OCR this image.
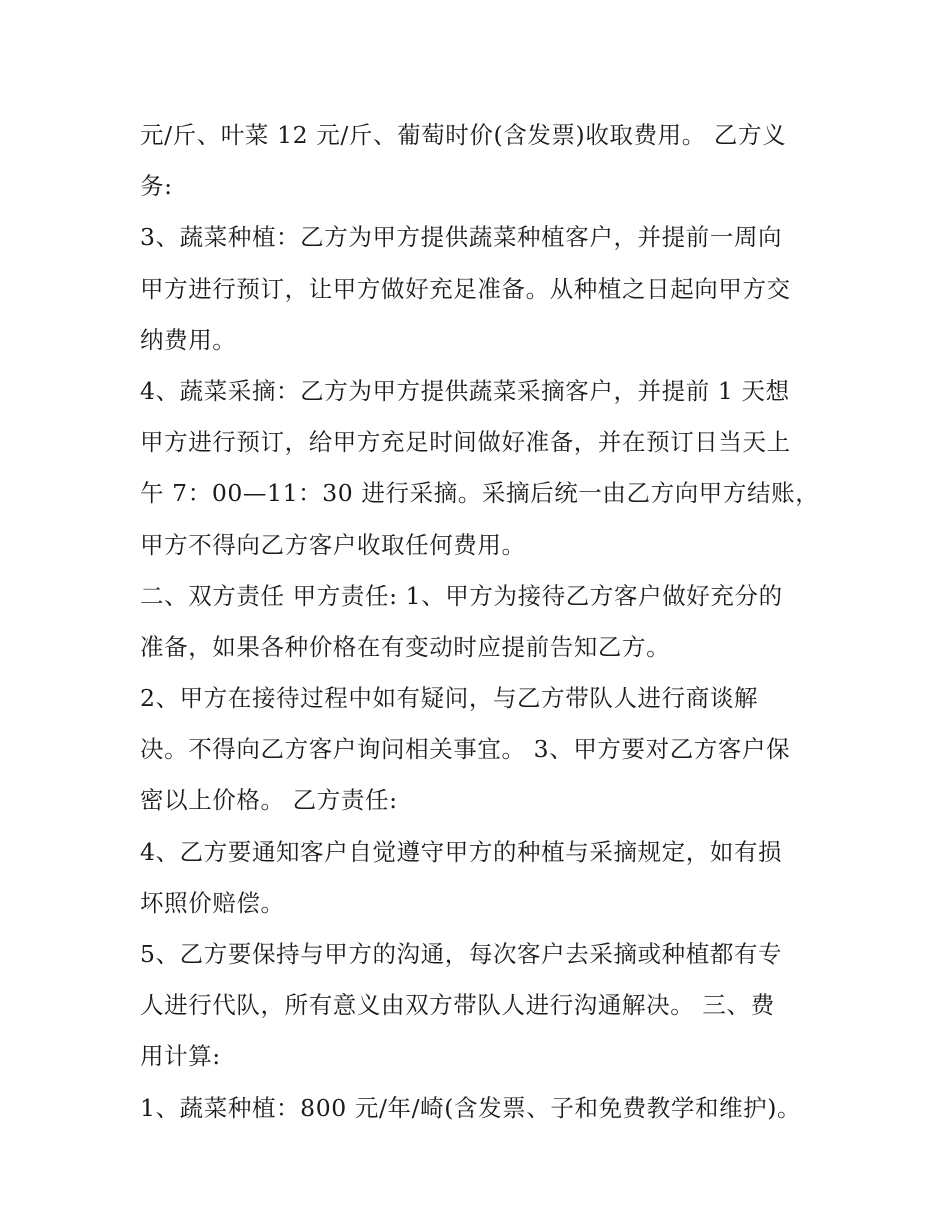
元/斤、叶菜 12 元/斤、葡萄时价(含发票)收取费用。 乙方义
务:
3、蔬菜种植：乙方为甲方提供蔬菜种植客户，并提前一周向
甲方进行预订，让甲方做好充足准备。从种植之日起向甲方交
纳费用。
4、蔬菜采摘：乙方为甲方提供蔬菜采摘客户，并提前 1 天想
甲方进行预订，给甲方充足时间做好准备，并在预订日当天上
午 7：00—11：30 进行采摘。采摘后统一由乙方向甲方结账，
甲方不得向乙方客户收取任何费用。
二、双方责任 甲方责任: 1、甲方为接待乙方客户做好充分的
准备，如果各种价格在有变动时应提前告知乙方。
2、甲方在接待过程中如有疑问，与乙方带队人进行商谈解
决。不得向乙方客户询问相关事宜。 3、甲方要对乙方客户保
密以上价格。 乙方责任:
4、乙方要通知客户自觉遵守甲方的种植与采摘规定，如有损
坏照价赔偿。
5、乙方要保持与甲方的沟通，每次客户去采摘或种植都有专
人进行代队，所有意义由双方带队人进行沟通解决。 三、费
用计算:
1、蔬菜种植：800 元/年/崎(含发票、子和免费教学和维护)。
